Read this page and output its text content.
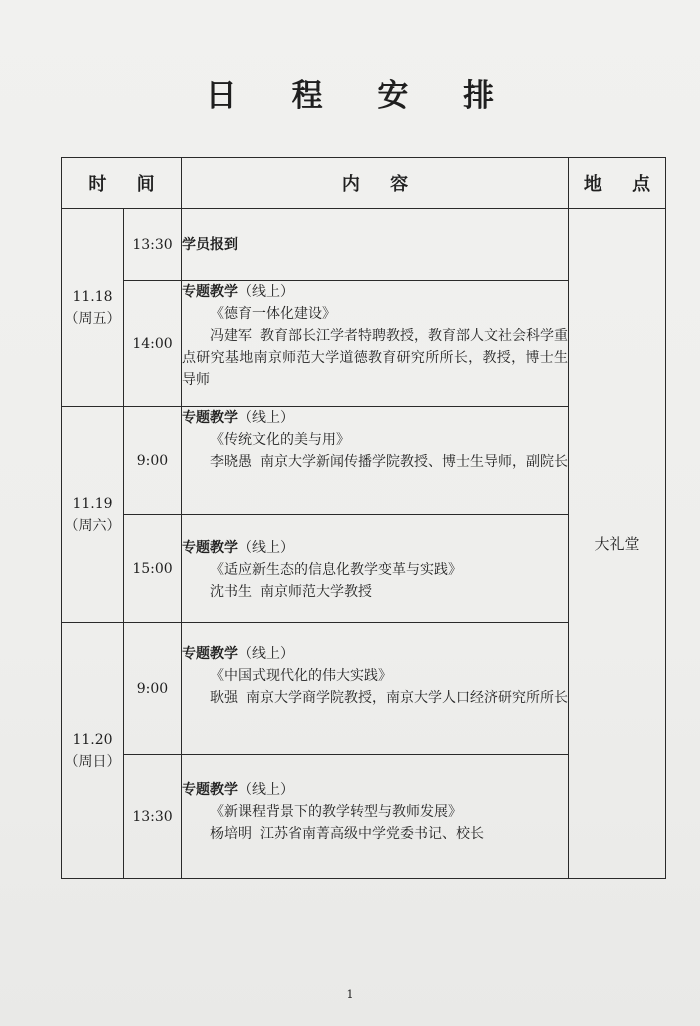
日 程 安 排
时 间		内 容	地 点
11.18
（周五）	13:30	学员报到	大礼堂
	14:00	专题教学（线上）
《德育一体化建设》
冯建军 教育部长江学者特聘教授，教育部人文社会科学重点研究基地南京师范大学道德教育研究所所长，教授，博士生导师	

11.19
（周六）	9:00	专题教学（线上）
《传统文化的美与用》
李晓愚 南京大学新闻传播学院教授、博士生导师，副院长	

	15:00	专题教学（线上）
《适应新生态的信息化教学变革与实践》
沈书生 南京师范大学教授	

11.20
（周日）	9:00	专题教学（线上）
《中国式现代化的伟大实践》
耿强 南京大学商学院教授，南京大学人口经济研究所所长	

	13:30	专题教学（线上）
《新课程背景下的教学转型与教师发展》
杨培明 江苏省南菁高级中学党委书记、校长	
1
